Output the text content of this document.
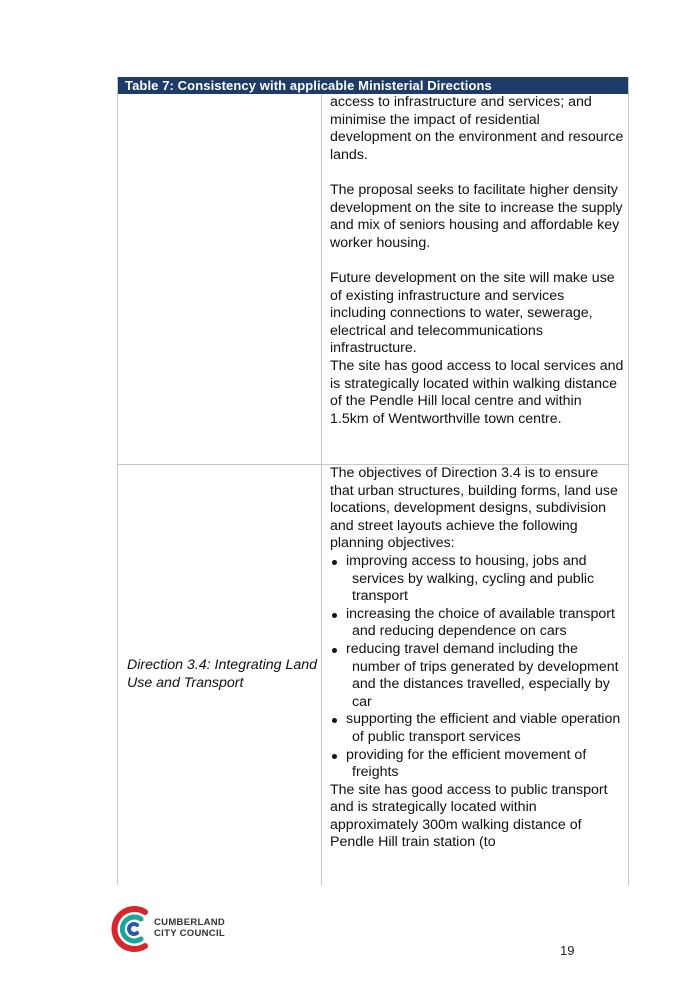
Table 7: Consistency with applicable Ministerial Directions

access to infrastructure and services; and minimise the impact of residential development on the environment and resource lands.

The proposal seeks to facilitate higher density development on the site to increase the supply and mix of seniors housing and affordable key worker housing.

Future development on the site will make use of existing infrastructure and services including connections to water, sewerage, electrical and telecommunications infrastructure.

The site has good access to local services and is strategically located within walking distance of the Pendle Hill local centre and within 1.5km of Wentworthville town centre.

Direction 3.4: Integrating Land Use and Transport

The objectives of Direction 3.4 is to ensure that urban structures, building forms, land use locations, development designs, subdivision and street layouts achieve the following planning objectives:

improving access to housing, jobs and services by walking, cycling and public transport
increasing the choice of available transport and reducing dependence on cars
reducing travel demand including the number of trips generated by development and the distances travelled, especially by car
supporting the efficient and viable operation of public transport services
providing for the efficient movement of freights

The site has good access to public transport and is strategically located within approximately 300m walking distance of Pendle Hill train station (to

CUMBERLAND
CITY COUNCIL
19
